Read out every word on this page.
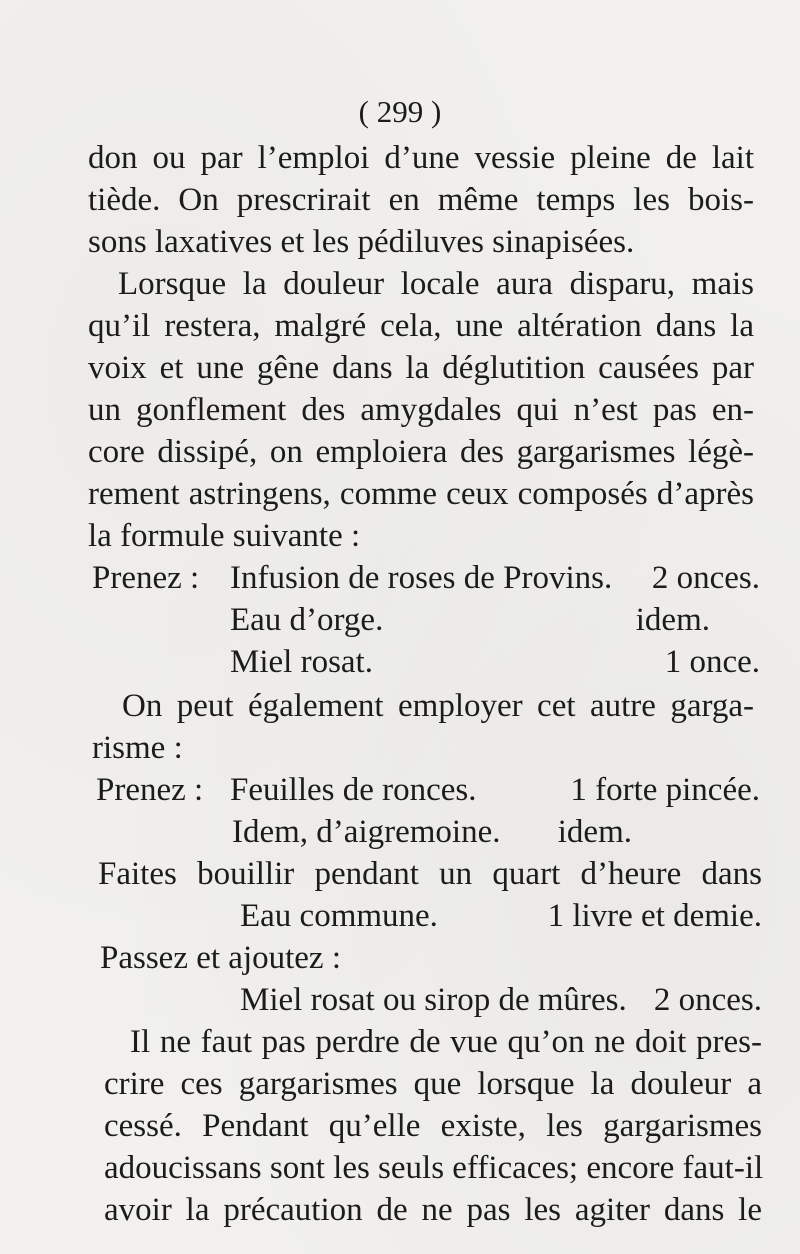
( 299 )
don ou par l’emploi d’une vessie pleine de lait
tiède. On prescrirait en même temps les bois-
sons laxatives et les pédiluves sinapisées.
Lorsque la douleur locale aura disparu, mais
qu’il restera, malgré cela, une altération dans la
voix et une gêne dans la déglutition causées par
un gonflement des amygdales qui n’est pas en-
core dissipé, on emploiera des gargarismes légè-
rement astringens, comme ceux composés d’après
la formule suivante :
Prenez : Infusion de roses de Provins.	2 onces.
Eau d’orge.	idem.
Miel rosat.	1 once.
On peut également employer cet autre garga-
risme :
Prenez : Feuilles de ronces.	1 forte pincée.
Idem, d’aigremoine.	idem.
Faites bouillir pendant un quart d’heure dans
Eau commune.	1 livre et demie.
Passez et ajoutez :
Miel rosat ou sirop de mûres. 2 onces.
Il ne faut pas perdre de vue qu’on ne doit pres-
crire ces gargarismes que lorsque la douleur a
cessé. Pendant qu’elle existe, les gargarismes
adoucissans sont les seuls efficaces; encore faut-il
avoir la précaution de ne pas les agiter dans le
